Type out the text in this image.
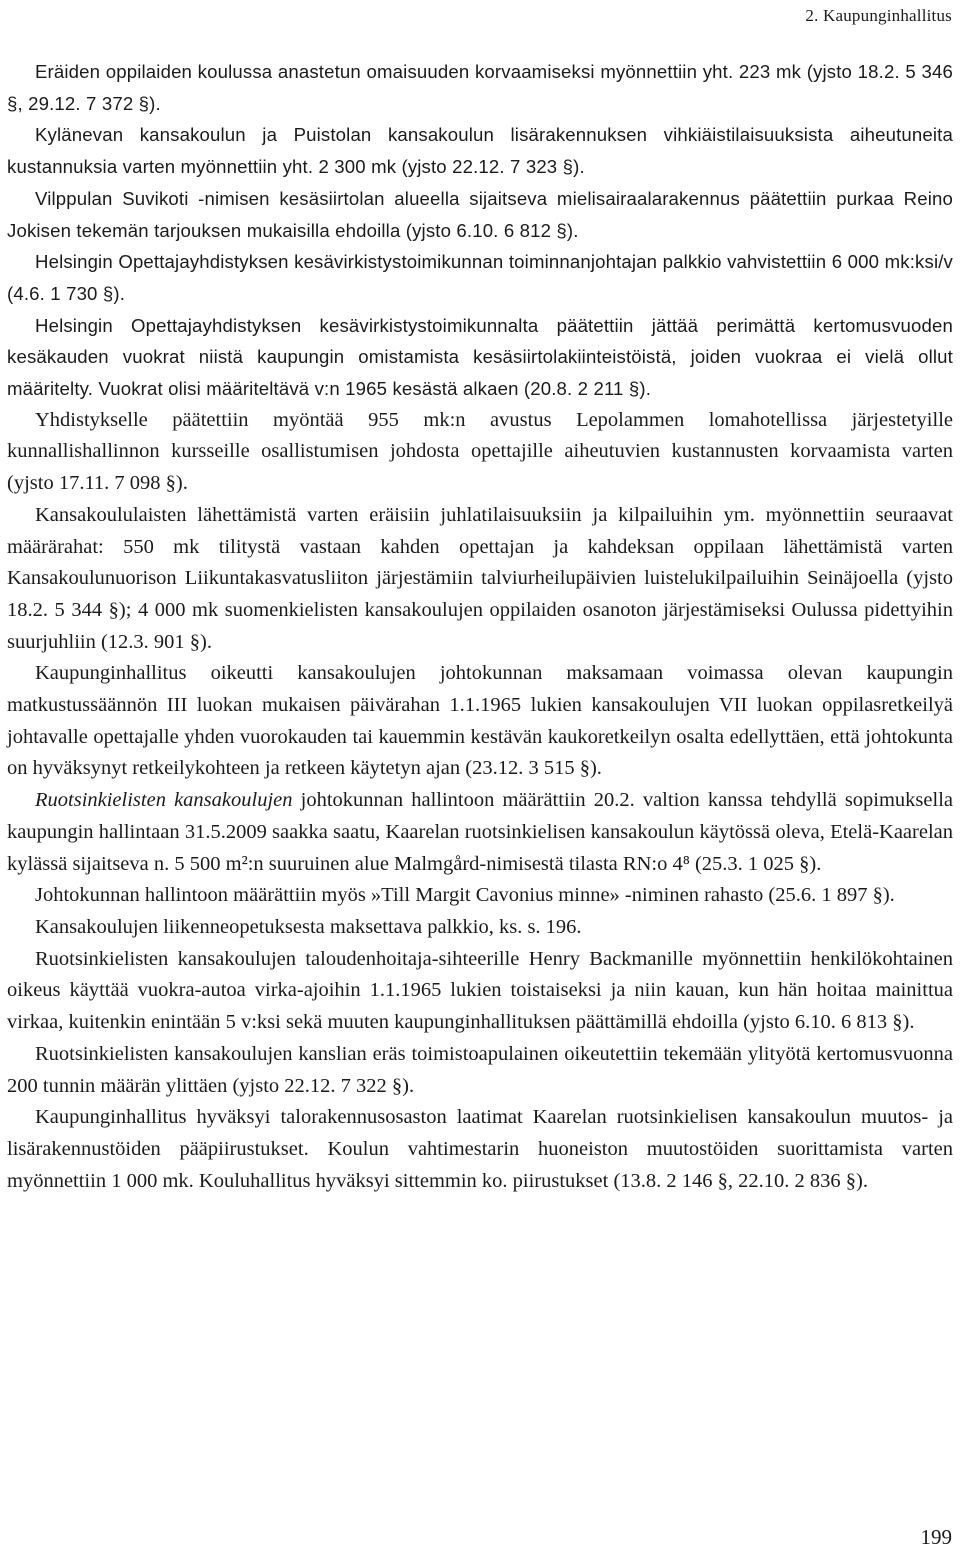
2. Kaupunginhallitus

Eräiden oppilaiden koulussa anastetun omaisuuden korvaamiseksi myönnettiin yht. 223 mk (yjsto 18.2. 5 346 §, 29.12. 7 372 §).

Kylänevan kansakoulun ja Puistolan kansakoulun lisärakennuksen vihkiäistilaisuuksista aiheutuneita kustannuksia varten myönnettiin yht. 2 300 mk (yjsto 22.12. 7 323 §).

Vilppulan Suvikoti -nimisen kesäsiirtolan alueella sijaitseva mielisairaalarakennus päätettiin purkaa Reino Jokisen tekemän tarjouksen mukaisilla ehdoilla (yjsto 6.10. 6 812 §).

Helsingin Opettajayhdistyksen kesävirkistystoimikunnan toiminnanjohtajan palkkio vahvistettiin 6 000 mk:ksi/v (4.6. 1 730 §).

Helsingin Opettajayhdistyksen kesävirkistystoimikunnalta päätettiin jättää perimättä kertomusvuoden kesäkauden vuokrat niistä kaupungin omistamista kesäsiirtolakiinteistöistä, joiden vuokraa ei vielä ollut määritelty. Vuokrat olisi määriteltävä v:n 1965 kesästä alkaen (20.8. 2 211 §).

Yhdistykselle päätettiin myöntää 955 mk:n avustus Lepolammen lomahotellissa järjestetyille kunnallishallinnon kursseille osallistumisen johdosta opettajille aiheutuvien kustannusten korvaamista varten (yjsto 17.11. 7 098 §).

Kansakoululaisten lähettämistä varten eräisiin juhlatilaisuuksiin ja kilpailuihin ym. myönnettiin seuraavat määrärahat: 550 mk tilitystä vastaan kahden opettajan ja kahdeksan oppilaan lähettämistä varten Kansakoulunuorison Liikuntakasvatusliiton järjestämiin talviurheilupäivien luistelukilpailuihin Seinäjoella (yjsto 18.2. 5 344 §); 4 000 mk suomenkielisten kansakoulujen oppilaiden osanoton järjestämiseksi Oulussa pidettyihin suurjuhliin (12.3. 901 §).

Kaupunginhallitus oikeutti kansakoulujen johtokunnan maksamaan voimassa olevan kaupungin matkustussäännön III luokan mukaisen päivärahan 1.1.1965 lukien kansakoulujen VII luokan oppilasretkeilyä johtavalle opettajalle yhden vuorokauden tai kauemmin kestävän kaukoretkeilyn osalta edellyttäen, että johtokunta on hyväksynyt retkeilykohteen ja retkeen käytetyn ajan (23.12. 3 515 §).

Ruotsinkielisten kansakoulujen johtokunnan hallintoon määrättiin 20.2. valtion kanssa tehdyllä sopimuksella kaupungin hallintaan 31.5.2009 saakka saatu, Kaarelan ruotsinkielisen kansakoulun käytössä oleva, Etelä-Kaarelan kylässä sijaitseva n. 5 500 m²:n suuruinen alue Malmgård-nimisestä tilasta RN:o 4⁸ (25.3. 1 025 §).

Johtokunnan hallintoon määrättiin myös »Till Margit Cavonius minne» -niminen rahasto (25.6. 1 897 §).

Kansakoulujen liikenneopetuksesta maksettava palkkio, ks. s. 196.

Ruotsinkielisten kansakoulujen taloudenhoitaja-sihteerille Henry Backmanille myönnettiin henkilökohtainen oikeus käyttää vuokra-autoa virka-ajoihin 1.1.1965 lukien toistaiseksi ja niin kauan, kun hän hoitaa mainittua virkaa, kuitenkin enintään 5 v:ksi sekä muuten kaupunginhallituksen päättämillä ehdoilla (yjsto 6.10. 6 813 §).

Ruotsinkielisten kansakoulujen kanslian eräs toimistoapulainen oikeutettiin tekemään ylityötä kertomusvuonna 200 tunnin määrän ylittäen (yjsto 22.12. 7 322 §).

Kaupunginhallitus hyväksyi talorakennusosaston laatimat Kaarelan ruotsinkielisen kansakoulun muutos- ja lisärakennustöiden pääpiirustukset. Koulun vahtimestarin huoneiston muutostöiden suorittamista varten myönnettiin 1 000 mk. Kouluhallitus hyväksyi sittemmin ko. piirustukset (13.8. 2 146 §, 22.10. 2 836 §).

199
